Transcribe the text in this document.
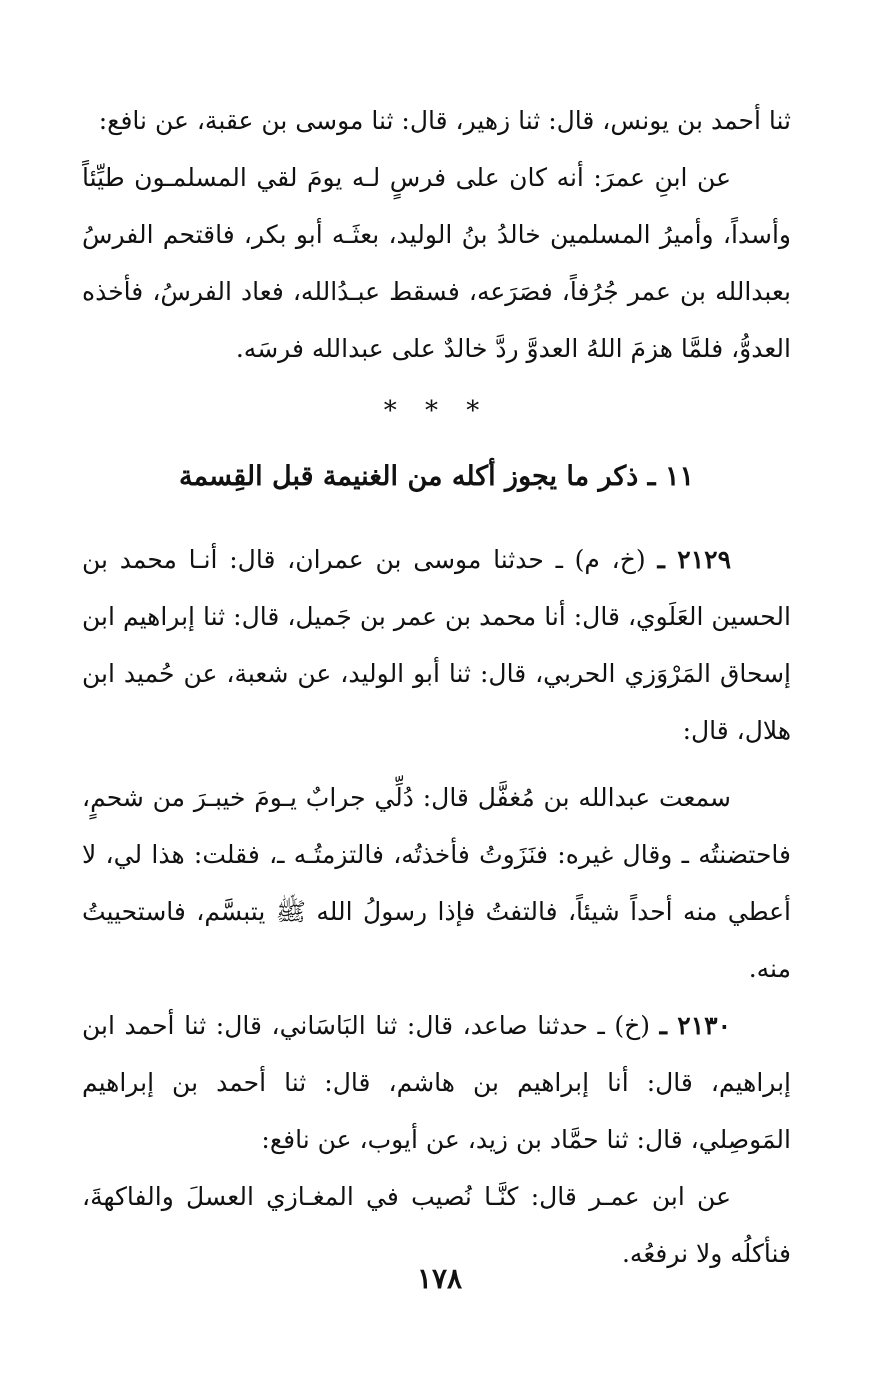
ثنا أحمد بن يونس، قال: ثنا زهير، قال: ثنا موسى بن عقبة، عن نافع:

عن ابنِ عمرَ: أنه كان على فرسٍ لـه يومَ لقي المسلمـون طيِّئاً وأسداً، وأميرُ المسلمين خالدُ بنُ الوليد، بعثَـه أبو بكر، فاقتحم الفرسُ بعبدالله بن عمر جُرُفاً، فصَرَعه، فسقط عبـدُالله، فعاد الفرسُ، فأخذه العدوُّ، فلمَّا هزمَ اللهُ العدوَّ ردَّ خالدٌ على عبدالله فرسَه.

* * *
١١ ـ ذكر ما يجوز أكله من الغنيمة قبل القِسمة

٢١٢٩ ـ (خ، م) ـ حدثنا موسى بن عمران، قال: أنـا محمد بن الحسين العَلَوي، قال: أنا محمد بن عمر بن جَميل، قال: ثنا إبراهيم ابن إسحاق المَرْوَزي الحربي، قال: ثنا أبو الوليد، عن شعبة، عن حُميد ابن هلال، قال:

سمعت عبدالله بن مُغفَّل قال: دُلِّي جرابٌ يـومَ خيبـرَ من شحمٍ، فاحتضنتُه ـ وقال غيره: فنَزَوتُ فأخذتُه، فالتزمتُـه ـ، فقلت: هذا لي، لا أعطي منه أحداً شيئاً، فالتفتُ فإذا رسولُ الله ﷺ يتبسَّم، فاستحييتُ منه.

٢١٣٠ ـ (خ) ـ حدثنا صاعد، قال: ثنا البَاسَاني، قال: ثنا أحمد ابن إبراهيم، قال: أنا إبراهيم بن هاشم، قال: ثنا أحمد بن إبراهيم المَوصِلي، قال: ثنا حمَّاد بن زيد، عن أيوب، عن نافع:

عن ابن عمـر قال: كنَّـا نُصيب في المغـازي العسلَ والفاكهةَ، فنأكلُه ولا نرفعُه.

١٧٨
